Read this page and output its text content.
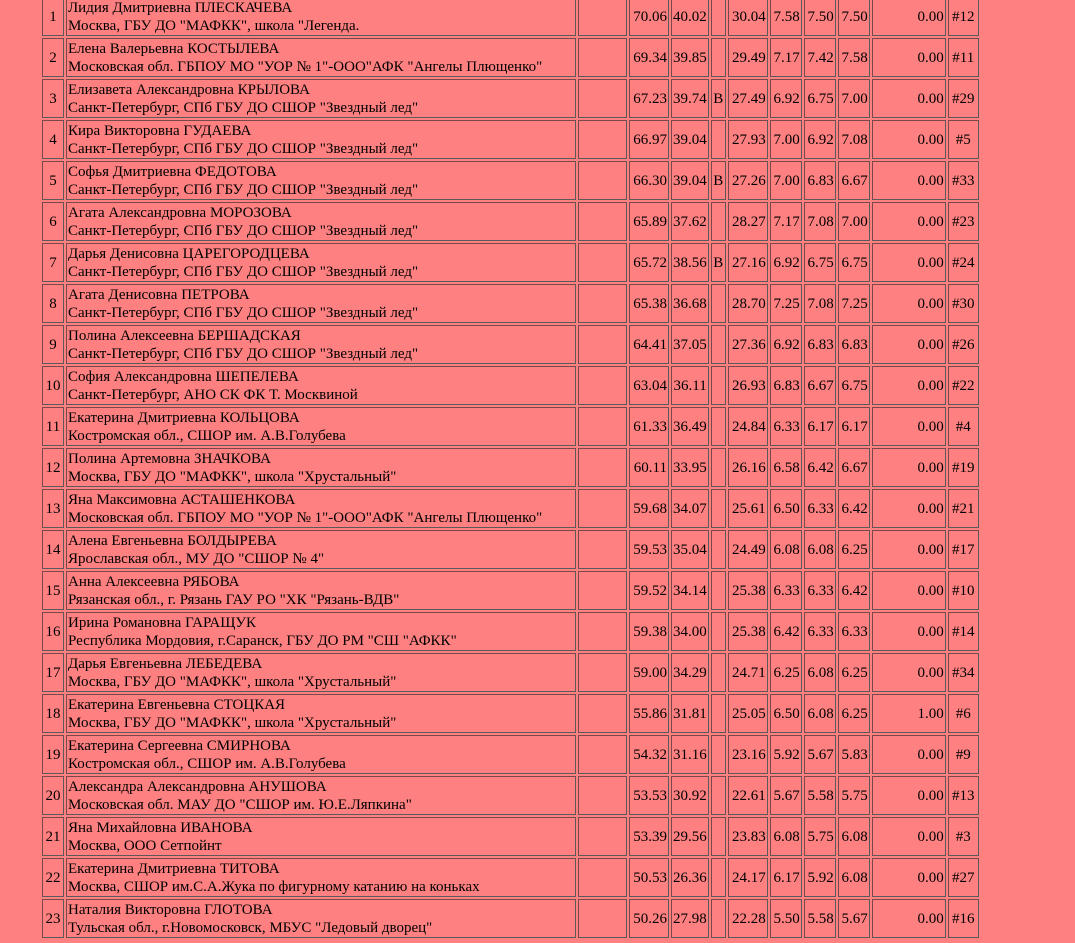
1	Лидия Дмитриевна ПЛЕСКАЧЕВА
Москва, ГБУ ДО "МАФКК", школа "Легенда.		70.06	40.02		30.04	7.58	7.50	7.50	0.00	#12
2	Елена Валерьевна КОСТЫЛЕВА
Московская обл. ГБПОУ МО "УОР № 1"-ООО"АФК "Ангелы Плющенко"		69.34	39.85		29.49	7.17	7.42	7.58	0.00	#11
3	Елизавета Александровна КРЫЛОВА
Санкт-Петербург, СПб ГБУ ДО СШОР "Звездный лед"		67.23	39.74	B	27.49	6.92	6.75	7.00	0.00	#29
4	Кира Викторовна ГУДАЕВА
Санкт-Петербург, СПб ГБУ ДО СШОР "Звездный лед"		66.97	39.04		27.93	7.00	6.92	7.08	0.00	#5
5	Софья Дмитриевна ФЕДОТОВА
Санкт-Петербург, СПб ГБУ ДО СШОР "Звездный лед"		66.30	39.04	B	27.26	7.00	6.83	6.67	0.00	#33
6	Агата Александровна МОРОЗОВА
Санкт-Петербург, СПб ГБУ ДО СШОР "Звездный лед"		65.89	37.62		28.27	7.17	7.08	7.00	0.00	#23
7	Дарья Денисовна ЦАРЕГОРОДЦЕВА
Санкт-Петербург, СПб ГБУ ДО СШОР "Звездный лед"		65.72	38.56	B	27.16	6.92	6.75	6.75	0.00	#24
8	Агата Денисовна ПЕТРОВА
Санкт-Петербург, СПб ГБУ ДО СШОР "Звездный лед"		65.38	36.68		28.70	7.25	7.08	7.25	0.00	#30
9	Полина Алексеевна БЕРШАДСКАЯ
Санкт-Петербург, СПб ГБУ ДО СШОР "Звездный лед"		64.41	37.05		27.36	6.92	6.83	6.83	0.00	#26
10	София Александровна ШЕПЕЛЕВА
Санкт-Петербург, АНО СК ФК Т. Москвиной		63.04	36.11		26.93	6.83	6.67	6.75	0.00	#22
11	Екатерина Дмитриевна КОЛЬЦОВА
Костромская обл., СШОР им. А.В.Голубева		61.33	36.49		24.84	6.33	6.17	6.17	0.00	#4
12	Полина Артемовна ЗНАЧКОВА
Москва, ГБУ ДО "МАФКК", школа "Хрустальный"		60.11	33.95		26.16	6.58	6.42	6.67	0.00	#19
13	Яна Максимовна АСТАШЕНКОВА
Московская обл. ГБПОУ МО "УОР № 1"-ООО"АФК "Ангелы Плющенко"		59.68	34.07		25.61	6.50	6.33	6.42	0.00	#21
14	Алена Евгеньевна БОЛДЫРЕВА
Ярославская обл., МУ ДО "СШОР № 4"		59.53	35.04		24.49	6.08	6.08	6.25	0.00	#17
15	Анна Алексеевна РЯБОВА
Рязанская обл., г. Рязань ГАУ РО "ХК "Рязань-ВДВ"		59.52	34.14		25.38	6.33	6.33	6.42	0.00	#10
16	Ирина Романовна ГАРАЩУК
Республика Мордовия, г.Саранск, ГБУ ДО РМ "СШ "АФКК"		59.38	34.00		25.38	6.42	6.33	6.33	0.00	#14
17	Дарья Евгеньевна ЛЕБЕДЕВА
Москва, ГБУ ДО "МАФКК", школа "Хрустальный"		59.00	34.29		24.71	6.25	6.08	6.25	0.00	#34
18	Екатерина Евгеньевна СТОЦКАЯ
Москва, ГБУ ДО "МАФКК", школа "Хрустальный"		55.86	31.81		25.05	6.50	6.08	6.25	1.00	#6
19	Екатерина Сергеевна СМИРНОВА
Костромская обл., СШОР им. А.В.Голубева		54.32	31.16		23.16	5.92	5.67	5.83	0.00	#9
20	Александра Александровна АНУШОВА
Московская обл. МАУ ДО "СШОР им. Ю.Е.Ляпкина"		53.53	30.92		22.61	5.67	5.58	5.75	0.00	#13
21	Яна Михайловна ИВАНОВА
Москва, ООО Сетпойнт		53.39	29.56		23.83	6.08	5.75	6.08	0.00	#3
22	Екатерина Дмитриевна ТИТОВА
Москва, СШОР им.С.А.Жука по фигурному катанию на коньках		50.53	26.36		24.17	6.17	5.92	6.08	0.00	#27
23	Наталия Викторовна ГЛОТОВА
Тульская обл., г.Новомосковск, МБУС "Ледовый дворец"		50.26	27.98		22.28	5.50	5.58	5.67	0.00	#16
